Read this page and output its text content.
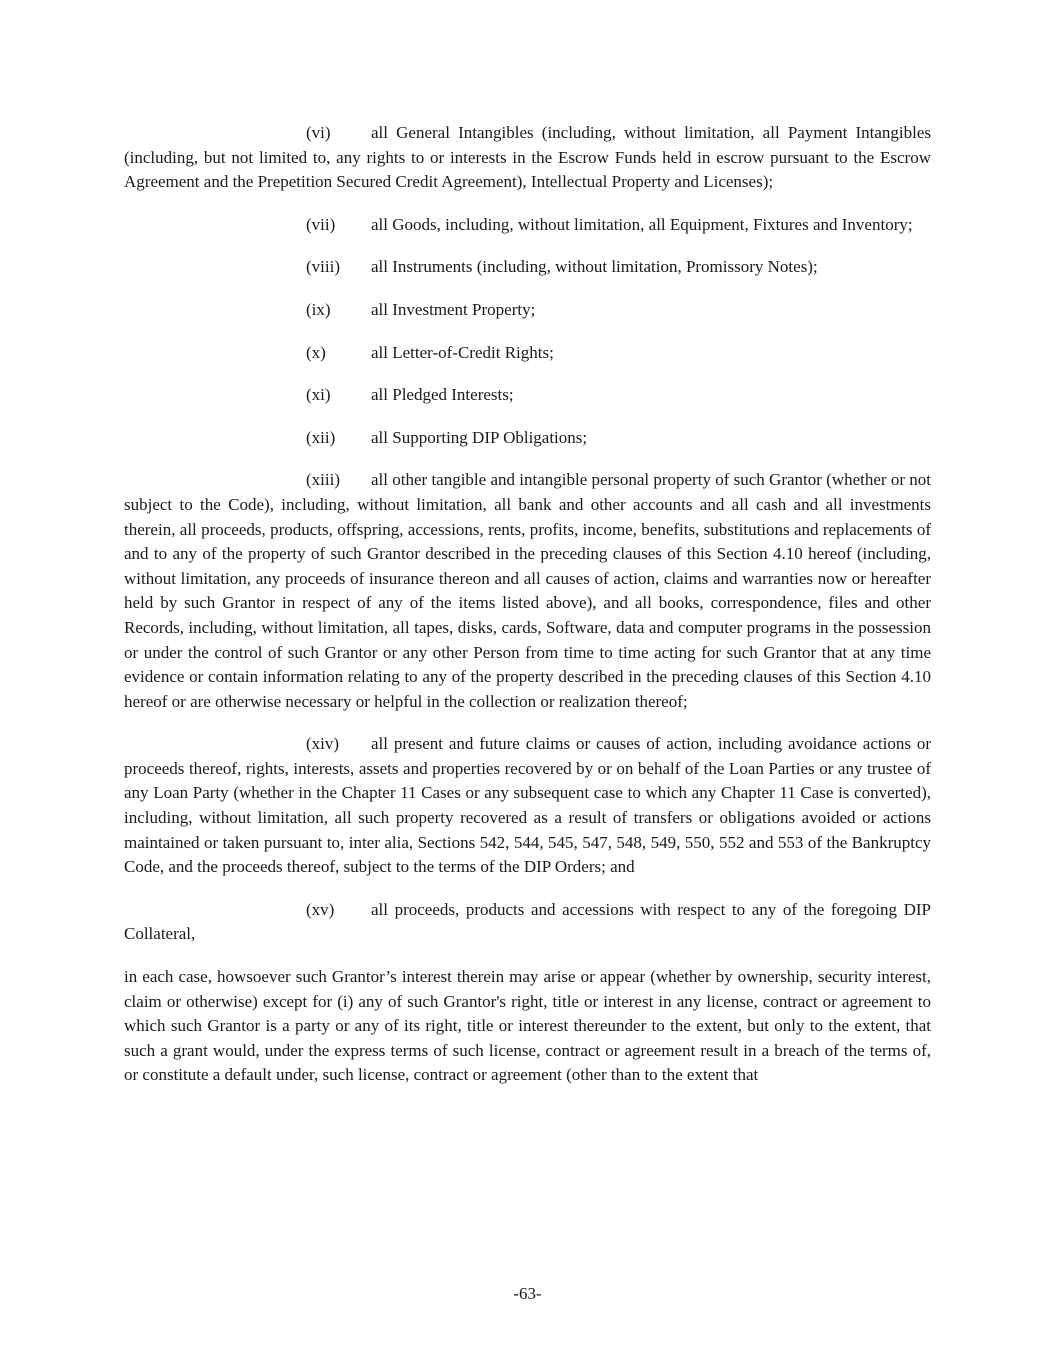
(vi) all General Intangibles (including, without limitation, all Payment Intangibles (including, but not limited to, any rights to or interests in the Escrow Funds held in escrow pursuant to the Escrow Agreement and the Prepetition Secured Credit Agreement), Intellectual Property and Licenses);

(vii) all Goods, including, without limitation, all Equipment, Fixtures and Inventory;

(viii) all Instruments (including, without limitation, Promissory Notes);

(ix) all Investment Property;

(x)	all Letter-of-Credit Rights;

(xi) all Pledged Interests;

(xii) all Supporting DIP Obligations;

(xiii) all other tangible and intangible personal property of such Grantor (whether or not subject to the Code), including, without limitation, all bank and other accounts and all cash and all investments therein, all proceeds, products, offspring, accessions, rents, profits, income, benefits, substitutions and replacements of and to any of the property of such Grantor described in the preceding clauses of this Section 4.10 hereof (including, without limitation, any proceeds of insurance thereon and all causes of action, claims and warranties now or hereafter held by such Grantor in respect of any of the items listed above), and all books, correspondence, files and other Records, including, without limitation, all tapes, disks, cards, Software, data and computer programs in the possession or under the control of such Grantor or any other Person from time to time acting for such Grantor that at any time evidence or contain information relating to any of the property described in the preceding clauses of this Section 4.10 hereof or are otherwise necessary or helpful in the collection or realization thereof;

(xiv) all present and future claims or causes of action, including avoidance actions or proceeds thereof, rights, interests, assets and properties recovered by or on behalf of the Loan Parties or any trustee of any Loan Party (whether in the Chapter 11 Cases or any subsequent case to which any Chapter 11 Case is converted), including, without limitation, all such property recovered as a result of transfers or obligations avoided or actions maintained or taken pursuant to, inter alia, Sections 542, 544, 545, 547, 548, 549, 550, 552 and 553 of the Bankruptcy Code, and the proceeds thereof, subject to the terms of the DIP Orders; and

(xv) all proceeds, products and accessions with respect to any of the foregoing DIP Collateral,

in each case, howsoever such Grantor’s interest therein may arise or appear (whether by ownership, security interest, claim or otherwise) except for (i) any of such Grantor's right, title or interest in any license, contract or agreement to which such Grantor is a party or any of its right, title or interest thereunder to the extent, but only to the extent, that such a grant would, under the express terms of such license, contract or agreement result in a breach of the terms of, or constitute a default under, such license, contract or agreement (other than to the extent that

-63-
